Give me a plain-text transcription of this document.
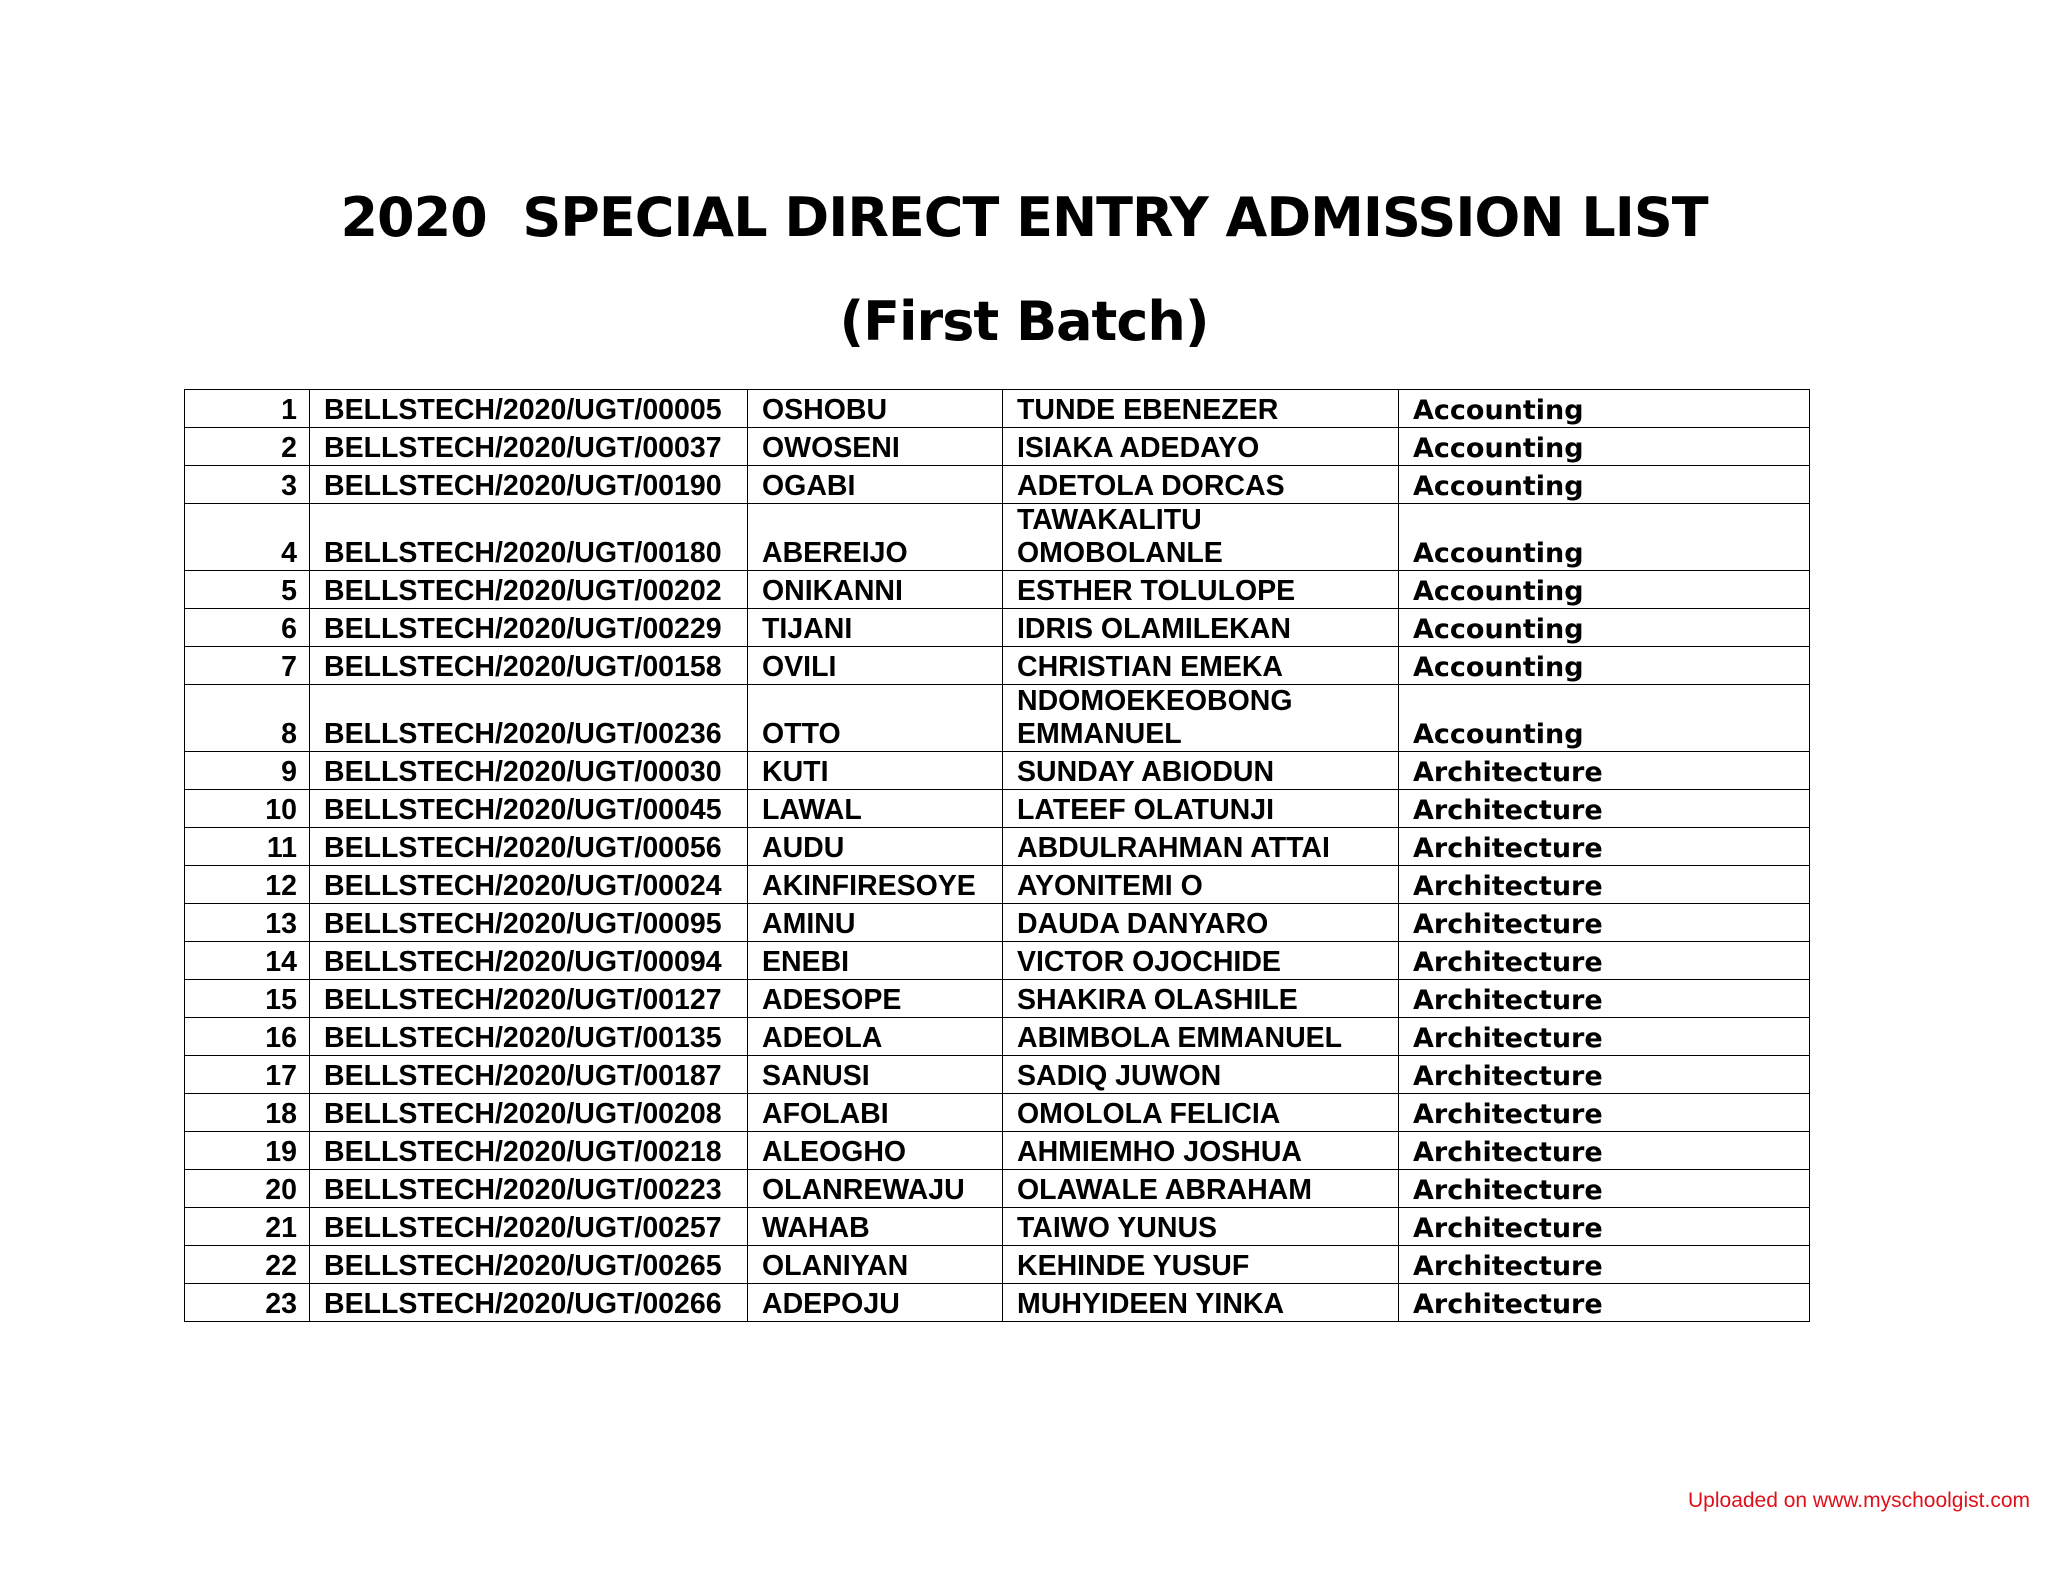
2020  SPECIAL DIRECT ENTRY ADMISSION LIST
(First Batch)
1	BELLSTECH/2020/UGT/00005	OSHOBU	TUNDE EBENEZER	Accounting
2	BELLSTECH/2020/UGT/00037	OWOSENI	ISIAKA ADEDAYO	Accounting
3	BELLSTECH/2020/UGT/00190	OGABI	ADETOLA DORCAS	Accounting
4	BELLSTECH/2020/UGT/00180	ABEREIJO	TAWAKALITU OMOBOLANLE	Accounting
5	BELLSTECH/2020/UGT/00202	ONIKANNI	ESTHER TOLULOPE	Accounting
6	BELLSTECH/2020/UGT/00229	TIJANI	IDRIS OLAMILEKAN	Accounting
7	BELLSTECH/2020/UGT/00158	OVILI	CHRISTIAN EMEKA	Accounting
8	BELLSTECH/2020/UGT/00236	OTTO	NDOMOEKEOBONG EMMANUEL	Accounting
9	BELLSTECH/2020/UGT/00030	KUTI	SUNDAY ABIODUN	Architecture
10	BELLSTECH/2020/UGT/00045	LAWAL	LATEEF OLATUNJI	Architecture
11	BELLSTECH/2020/UGT/00056	AUDU	ABDULRAHMAN ATTAI	Architecture
12	BELLSTECH/2020/UGT/00024	AKINFIRESOYE	AYONITEMI O	Architecture
13	BELLSTECH/2020/UGT/00095	AMINU	DAUDA DANYARO	Architecture
14	BELLSTECH/2020/UGT/00094	ENEBI	VICTOR OJOCHIDE	Architecture
15	BELLSTECH/2020/UGT/00127	ADESOPE	SHAKIRA OLASHILE	Architecture
16	BELLSTECH/2020/UGT/00135	ADEOLA	ABIMBOLA EMMANUEL	Architecture
17	BELLSTECH/2020/UGT/00187	SANUSI	SADIQ JUWON	Architecture
18	BELLSTECH/2020/UGT/00208	AFOLABI	OMOLOLA FELICIA	Architecture
19	BELLSTECH/2020/UGT/00218	ALEOGHO	AHMIEMHO JOSHUA	Architecture
20	BELLSTECH/2020/UGT/00223	OLANREWAJU	OLAWALE ABRAHAM	Architecture
21	BELLSTECH/2020/UGT/00257	WAHAB	TAIWO YUNUS	Architecture
22	BELLSTECH/2020/UGT/00265	OLANIYAN	KEHINDE YUSUF	Architecture
23	BELLSTECH/2020/UGT/00266	ADEPOJU	MUHYIDEEN YINKA	Architecture
Uploaded on www.myschoolgist.com
